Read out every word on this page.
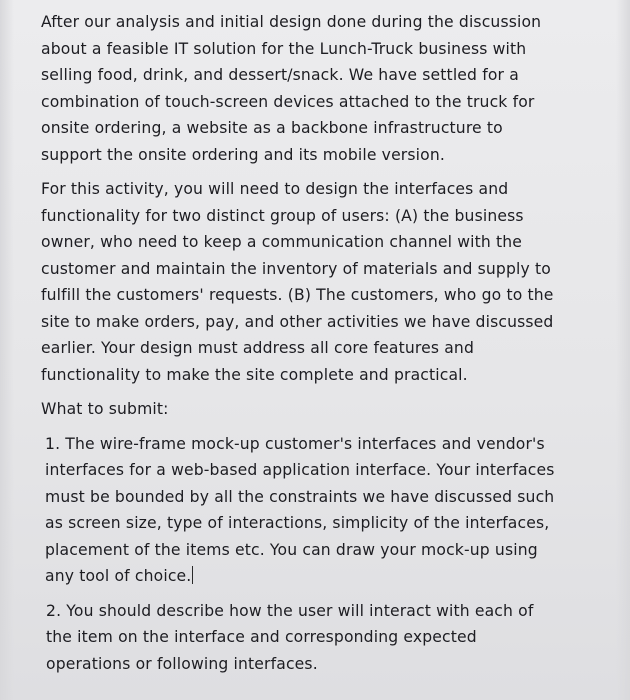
After our analysis and initial design done during the discussion
about a feasible IT solution for the Lunch-Truck business with
selling food, drink, and dessert/snack. We have settled for a
combination of touch-screen devices attached to the truck for
onsite ordering, a website as a backbone infrastructure to
support the onsite ordering and its mobile version.

For this activity, you will need to design the interfaces and
functionality for two distinct group of users: (A) the business
owner, who need to keep a communication channel with the
customer and maintain the inventory of materials and supply to
fulfill the customers' requests. (B) The customers, who go to the
site to make orders, pay, and other activities we have discussed
earlier. Your design must address all core features and
functionality to make the site complete and practical.

What to submit:

1. The wire-frame mock-up customer's interfaces and vendor's
interfaces for a web-based application interface. Your interfaces
must be bounded by all the constraints we have discussed such
as screen size, type of interactions, simplicity of the interfaces,
placement of the items etc. You can draw your mock-up using
any tool of choice.

2. You should describe how the user will interact with each of
the item on the interface and corresponding expected
operations or following interfaces.
